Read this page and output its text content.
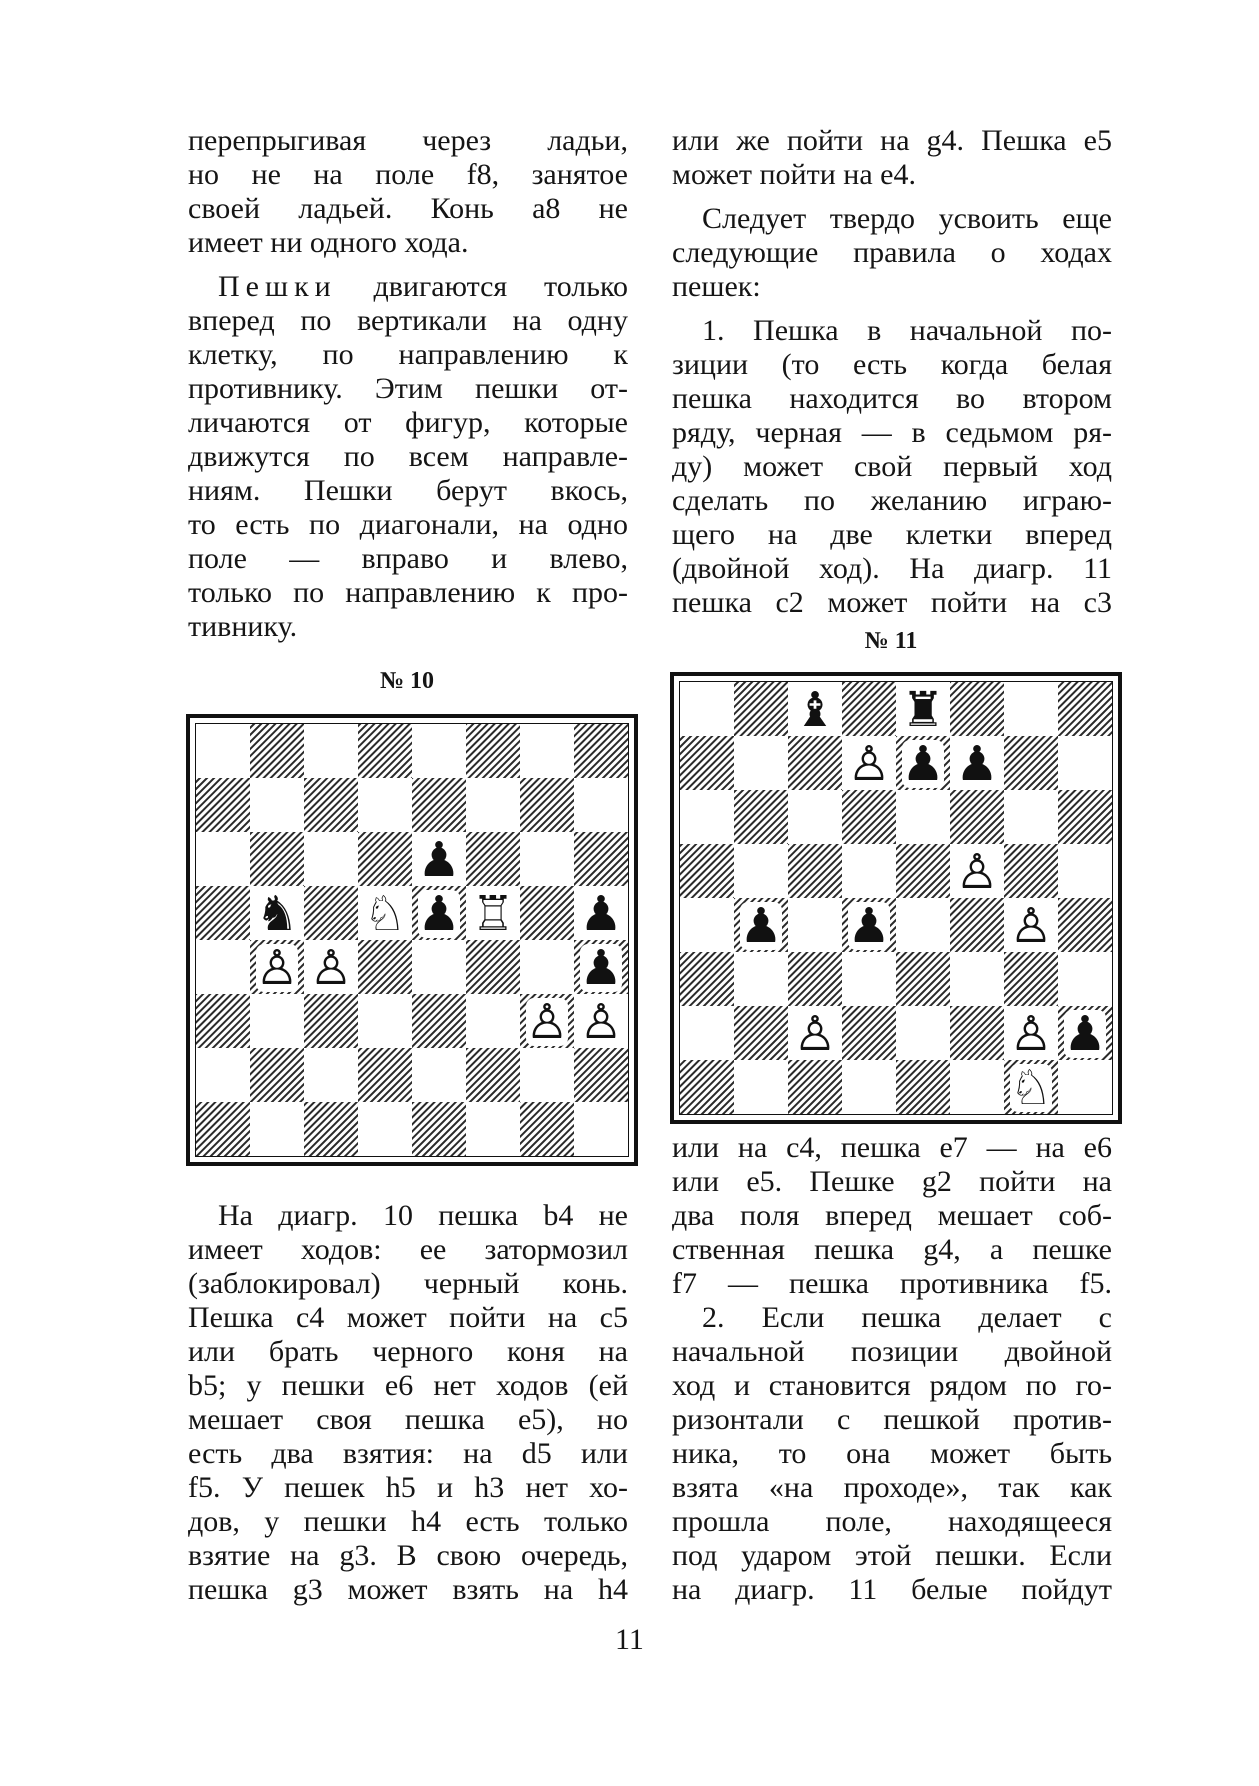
перепрыгивая через ладьи,
но не на поле f8, занятое
своей ладьей. Конь а8 не
имеет ни одного хода.

Пешки двигаются только
вперед по вертикали на одну
клетку, по направлению к
противнику. Этим пешки от-
личаются от фигур, которые
движутся по всем направле-
ниям. Пешки берут вкось,
то есть по диагонали, на одно
поле — вправо и влево,
только по направлению к про-
тивнику.

№ 10
♟
♞ ♘ ♟ ♖ ♟
♙ ♙	♟
♙ ♙

На диагр. 10 пешка b4 не
имеет ходов: ее затормозил
(заблокировал) черный конь.
Пешка с4 может пойти на с5
или брать черного коня на
b5; у пешки е6 нет ходов (ей
мешает своя пешка е5), но
есть два взятия: на d5 или
f5. У пешек h5 и h3 нет хо-
дов, у пешки h4 есть только
взятие на g3. В свою очередь,
пешка g3 может взять на h4

или же пойти на g4. Пешка е5
может пойти на е4.

Следует твердо усвоить еще
следующие правила о ходах
пешек:

1. Пешка в начальной по-
зиции (то есть когда белая
пешка находится во втором
ряду, черная — в седьмом ря-
ду) может свой первый ход
сделать по желанию играю-
щего на две клетки вперед
(двойной ход). На диагр. 11
пешка с2 может пойти на с3

№ 11
♝ ♜
♙ ♟ ♟
♙
♟ ♟ ♙
♙	♙ ♟
♘

или на с4, пешка е7 — на е6
или е5. Пешке g2 пойти на
два поля вперед мешает соб-
ственная пешка g4, а пешке
f7 — пешка противника f5.

2. Если пешка делает с
начальной позиции двойной
ход и становится рядом по го-
ризонтали с пешкой против-
ника, то она может быть
взята «на проходе», так как
прошла поле, находящееся
под ударом этой пешки. Если
на диагр. 11 белые пойдут

11
